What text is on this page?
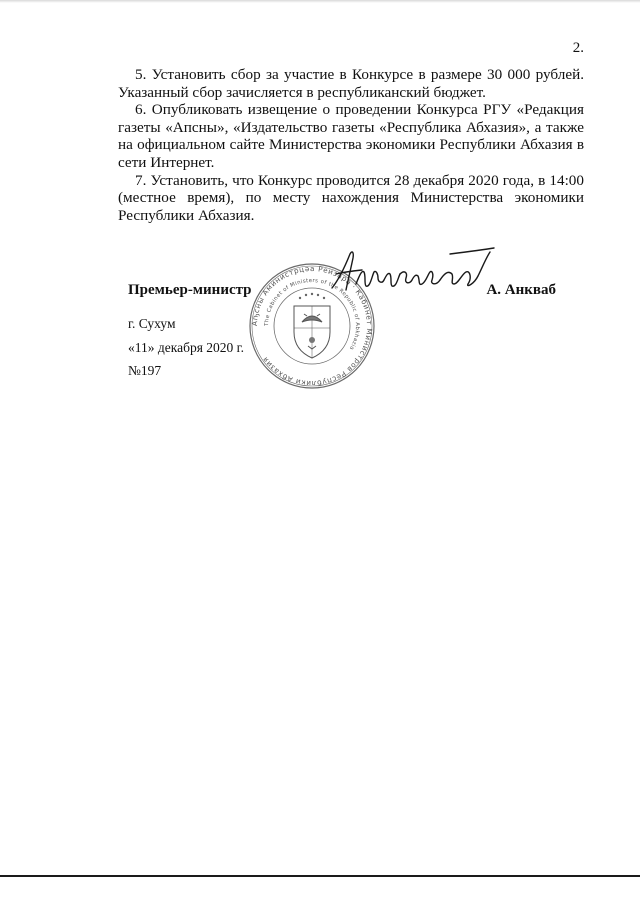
2.

5. Установить сбор за участие в Конкурсе в размере 30 000 рублей. Указанный сбор зачисляется в республиканский бюджет.

6. Опубликовать извещение о проведении Конкурса РГУ «Редакция газеты «Апсны», «Издательство газеты «Республика Абхазия», а также на официальном сайте Министерства экономики Республики Абхазия в сети Интернет.

7. Установить, что Конкурс проводится 28 декабря 2020 года, в 14:00 (местное время), по месту нахождения Министерства экономики Республики Абхазия.

Аҧсны Аминистрцәа Реизара · Кабинет Министров Республики Абхазия
The Cabinet of Ministers of the Republic of Abkhazia
Премьер-министр	А. Анкваб
г. Сухум
«11» декабря 2020 г.
№197
